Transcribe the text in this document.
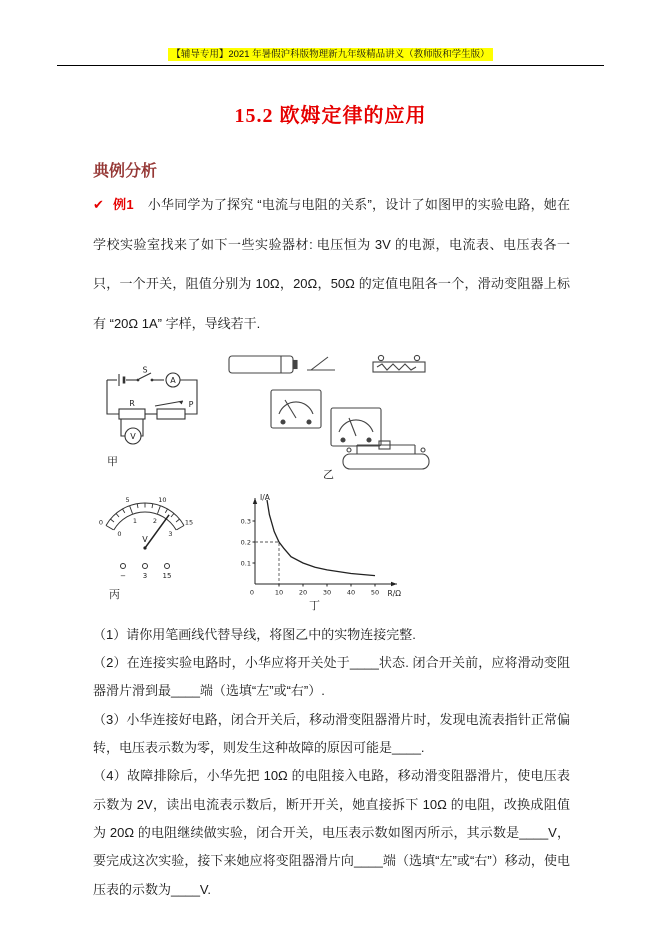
【辅导专用】2021 年暑假沪科版物理新九年级精品讲义（教师版和学生版）
15.2 欧姆定律的应用
典例分析

✔ 例1 小华同学为了探究 “电流与电阻的关系”，设计了如图甲的实验电路，她在学校实验室找来了如下一些实验器材: 电压恒为 3V 的电源，电流表、电压表各一只，一个开关，阻值分别为 10Ω，20Ω，50Ω 的定值电阻各一个，滑动变阻器上标有 “20Ω 1A” 字样，导线若干.

S
A
R	P
V
甲
乙
0
1 2
3
0
5	10
15
V
− 3 15
丙
0.1
0.2
0.3
0	10 20 30 40 50
I/A
R/Ω
丁

（1）请你用笔画线代替导线，将图乙中的实物连接完整.

（2）在连接实验电路时，小华应将开关处于____状态. 闭合开关前，应将滑动变阻器滑片滑到最____端（选填“左”或“右”）.

（3）小华连接好电路，闭合开关后，移动滑变阻器滑片时，发现电流表指针正常偏转，电压表示数为零，则发生这种故障的原因可能是____.

（4）故障排除后，小华先把 10Ω 的电阻接入电路，移动滑变阻器滑片，使电压表示数为 2V，读出电流表示数后，断开开关，她直接拆下 10Ω 的电阻，改换成阻值为 20Ω 的电阻继续做实验，闭合开关，电压表示数如图丙所示，其示数是____V，要完成这次实验，接下来她应将变阻器滑片向____端（选填“左”或“右”）移动，使电压表的示数为____V.
